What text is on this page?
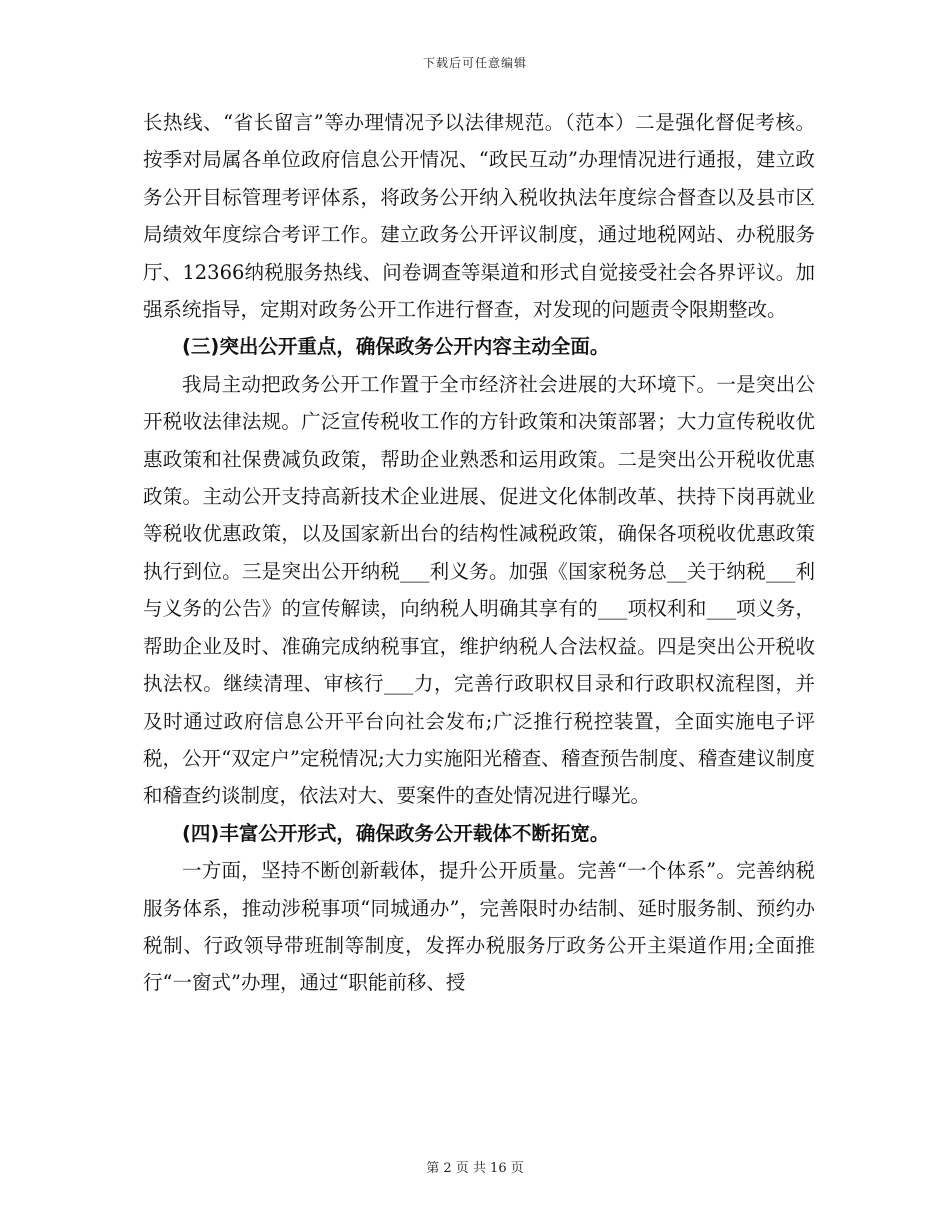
下载后可任意编辑

长热线、“省长留言”等办理情况予以法律规范。（范本）二是强化督促考核。按季对局属各单位政府信息公开情况、“政民互动”办理情况进行通报，建立政务公开目标管理考评体系，将政务公开纳入税收执法年度综合督查以及县市区局绩效年度综合考评工作。建立政务公开评议制度，通过地税网站、办税服务厅、12366纳税服务热线、问卷调查等渠道和形式自觉接受社会各界评议。加强系统指导，定期对政务公开工作进行督查，对发现的问题责令限期整改。

(三)突出公开重点，确保政务公开内容主动全面。

我局主动把政务公开工作置于全市经济社会进展的大环境下。一是突出公开税收法律法规。广泛宣传税收工作的方针政策和决策部署；大力宣传税收优惠政策和社保费减负政策，帮助企业熟悉和运用政策。二是突出公开税收优惠政策。主动公开支持高新技术企业进展、促进文化体制改革、扶持下岗再就业等税收优惠政策，以及国家新出台的结构性减税政策，确保各项税收优惠政策执行到位。三是突出公开纳税___利义务。加强《国家税务总__关于纳税___利与义务的公告》的宣传解读，向纳税人明确其享有的___项权利和___项义务，帮助企业及时、准确完成纳税事宜，维护纳税人合法权益。四是突出公开税收执法权。继续清理、审核行___力，完善行政职权目录和行政职权流程图，并及时通过政府信息公开平台向社会发布;广泛推行税控装置，全面实施电子评税，公开“双定户”定税情况;大力实施阳光稽查、稽查预告制度、稽查建议制度和稽查约谈制度，依法对大、要案件的查处情况进行曝光。

(四)丰富公开形式，确保政务公开载体不断拓宽。

一方面，坚持不断创新载体，提升公开质量。完善“一个体系”。完善纳税服务体系，推动涉税事项“同城通办”，完善限时办结制、延时服务制、预约办税制、行政领导带班制等制度，发挥办税服务厅政务公开主渠道作用;全面推行“一窗式”办理，通过“职能前移、授

第 2 页 共 16 页
